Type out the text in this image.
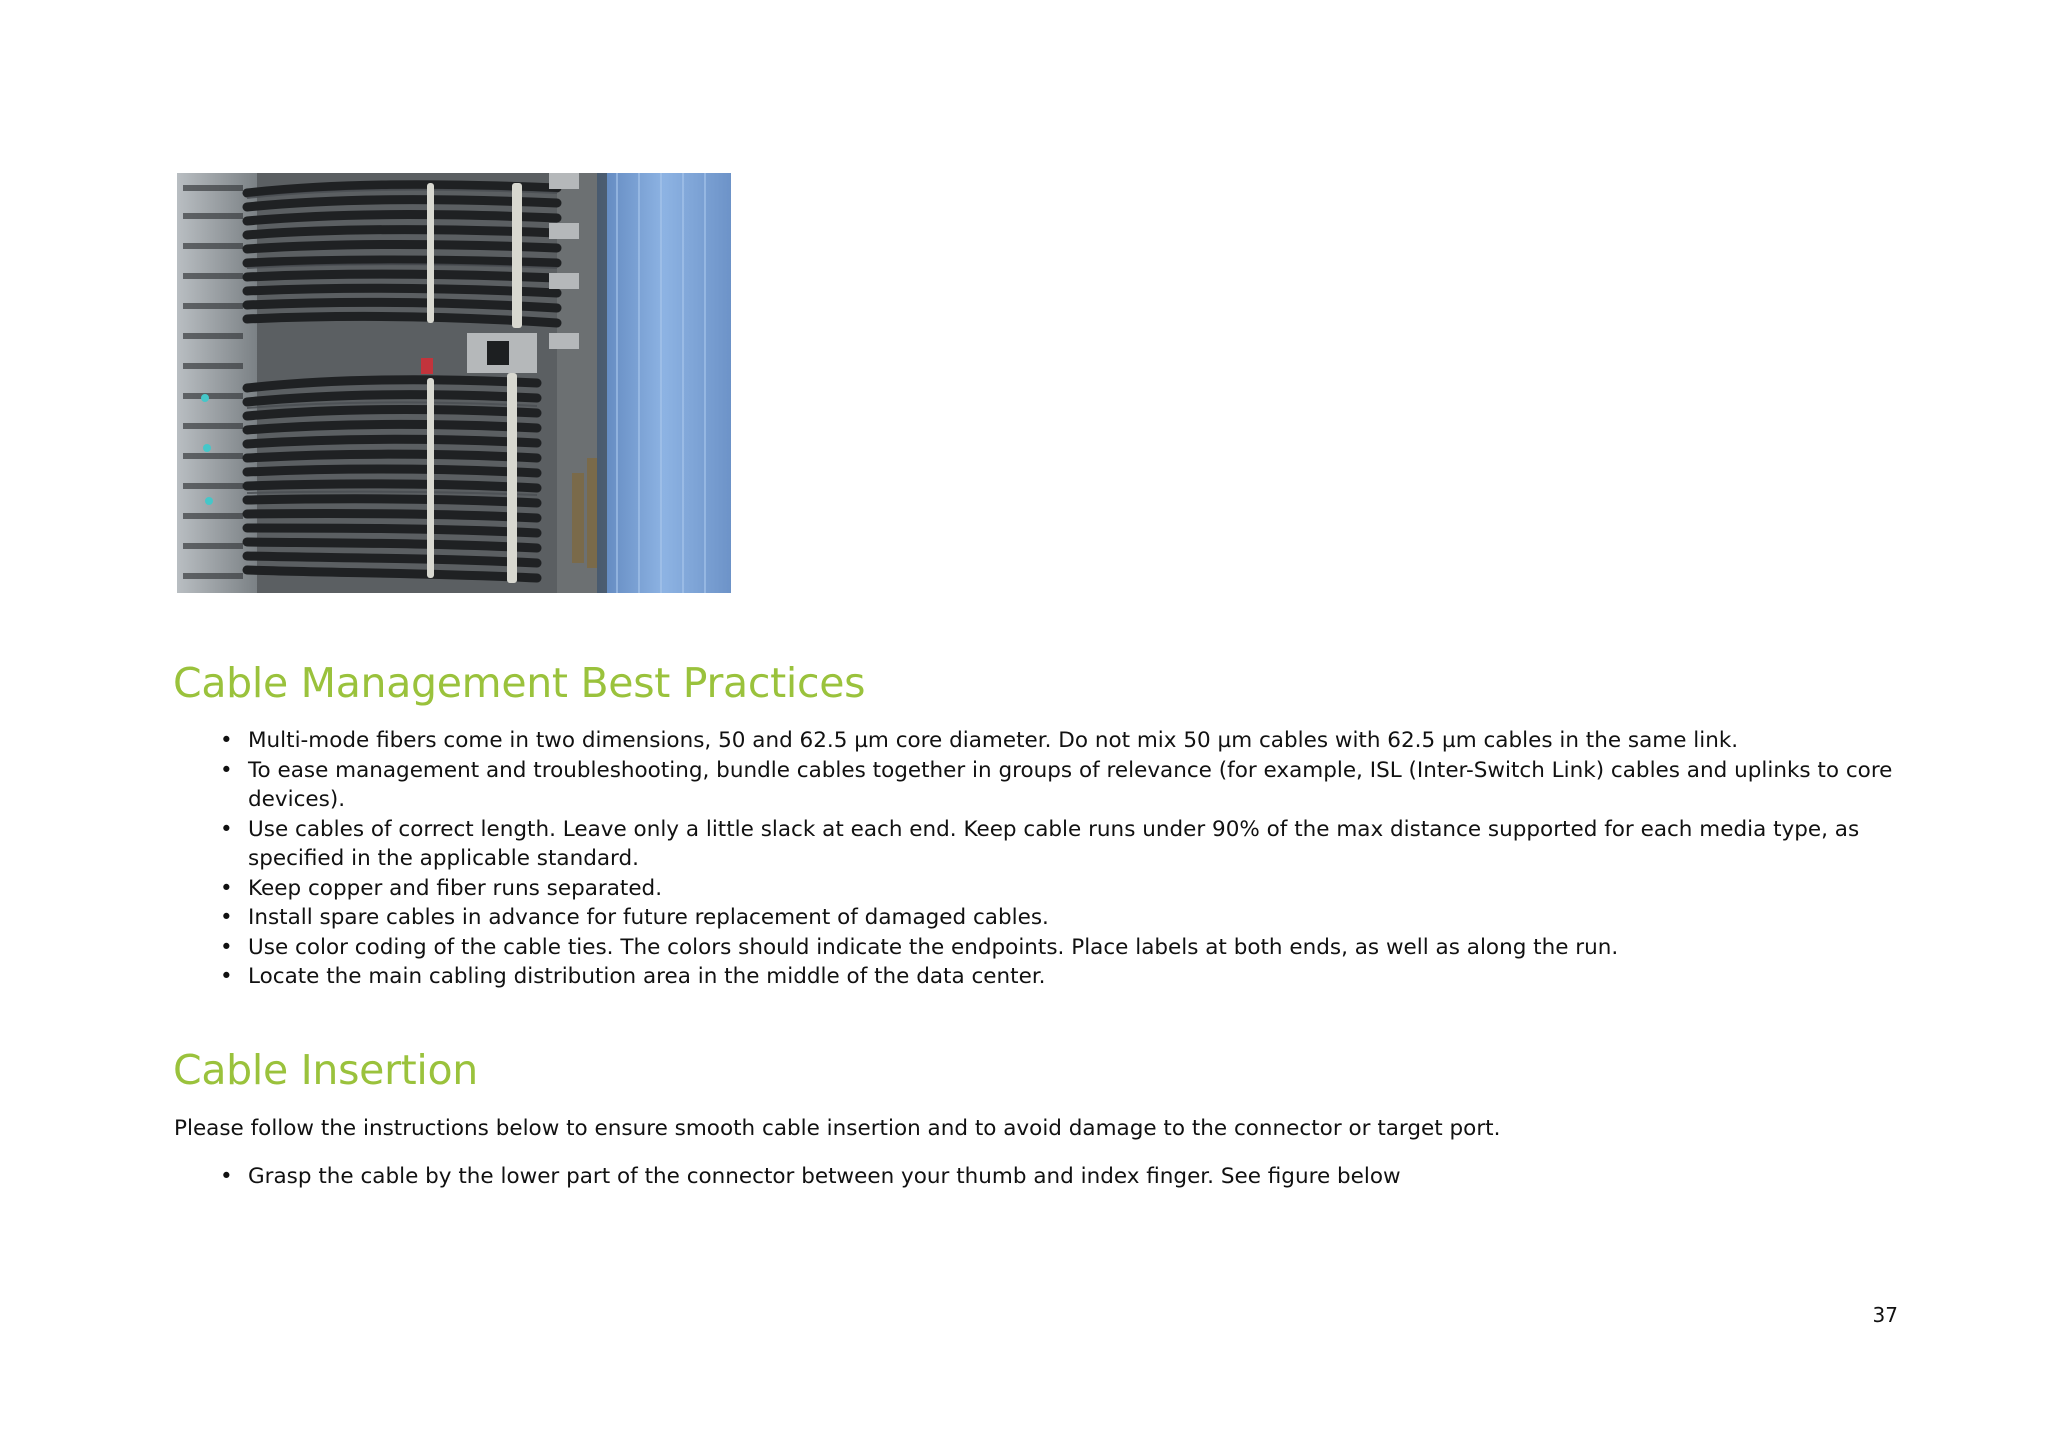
Cable Management Best Practices
• Multi-mode fibers come in two dimensions, 50 and 62.5 µm core diameter. Do not mix 50 µm cables with 62.5 µm cables in the same link.
• To ease management and troubleshooting, bundle cables together in groups of relevance (for example, ISL (Inter-Switch Link) cables and uplinks to core devices).
• Use cables of correct length. Leave only a little slack at each end. Keep cable runs under 90% of the max distance supported for each media type, as specified in the applicable standard.
• Keep copper and fiber runs separated.
• Install spare cables in advance for future replacement of damaged cables.
• Use color coding of the cable ties. The colors should indicate the endpoints. Place labels at both ends, as well as along the run.
• Locate the main cabling distribution area in the middle of the data center.
Cable Insertion

Please follow the instructions below to ensure smooth cable insertion and to avoid damage to the connector or target port.

• Grasp the cable by the lower part of the connector between your thumb and index finger. See figure below
37
